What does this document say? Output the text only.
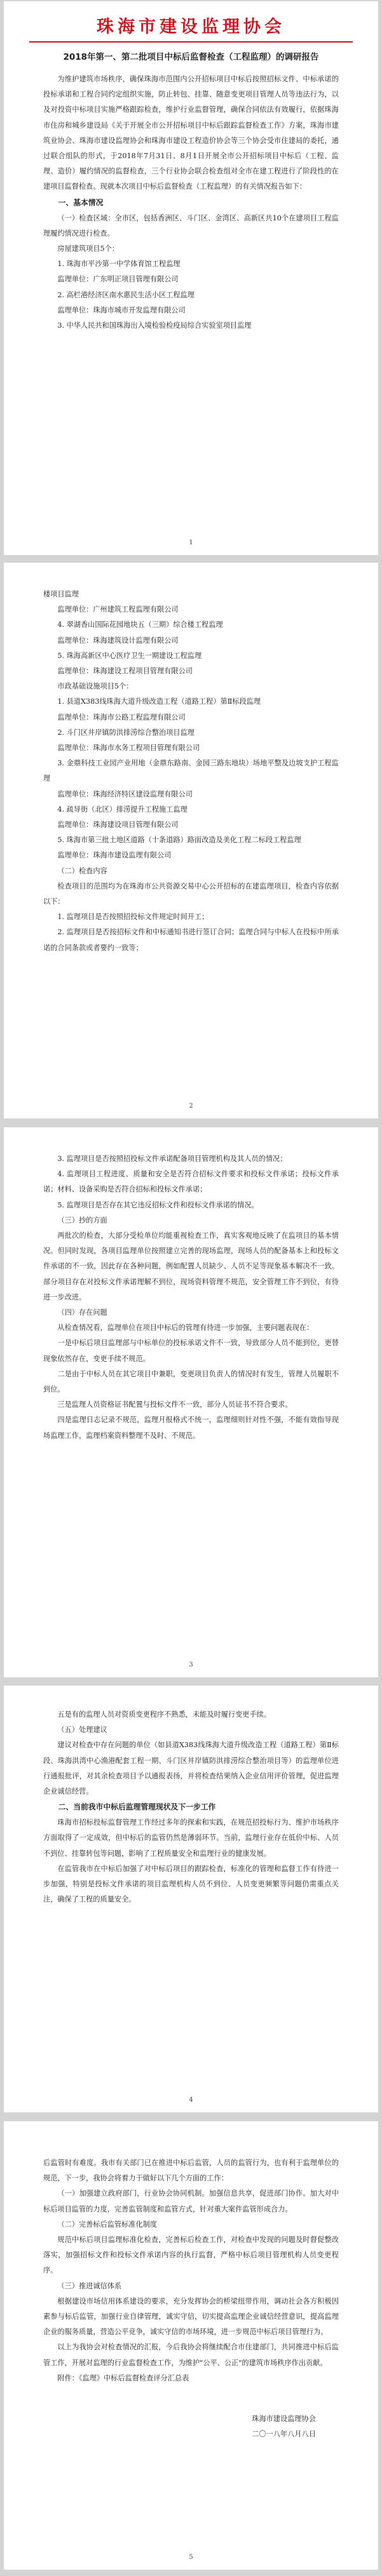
珠海市建设监理协会
2018年第一、第二批项目中标后监督检查（工程监理）的调研报告

为维护建筑市场秩序，确保珠海市范围内公开招标项目中标后按照招标文件、中标承诺的投标承诺和工程合同约定组织实施，防止转包、挂靠、随意变更项目管理人员等违法行为，以及对投资中标项目实施严格跟踪检查，维护行业监督管理，确保合同依法有效履行，依据珠海市住房和城乡建设局《关于开展全市公开招标项目中标后跟踪监督检查工作》方案，珠海市建筑业协会、珠海市建设监理协会和珠海市建设工程造价协会等三个协会受市住建局的委托，通过联合组队的形式，于2018年7月31日、8月1日开展全市公开招标项目中标后（工程、监理、造价）履约情况的监督检查，三个行业协会联合检查组对全市在建工程进行了阶段性的在建项目监督检查。现就本次项目中标后监督检查（工程监理）的有关情况报告如下：

一、基本情况

（一）检查区域：全市区，包括香洲区、斗门区、金湾区、高新区共10个在建项目工程监理履约情况进行检查。

房屋建筑项目5个：

1. 珠海市平沙第一中学体育馆工程监理

监理单位：广东明正项目管理有限公司

2. 高栏港经济区南水惠民生活小区工程监理

监理单位：珠海市城市开发监理有限公司

3. 中华人民共和国珠海出入境检验检疫局综合实验室项目监理

1

楼项目监理

监理单位：广州建筑工程监理有限公司

4. 翠湖香山国际花园地块五（三期）综合楼工程监理

监理单位：珠海建筑设计监理有限公司

5. 珠海高新区中心医疗卫生一期建设工程监理

监理单位：珠海建设工程项目管理有限公司

市政基础设施项目5个：

1. 县道X383线珠海大道升级改造工程（道路工程）第Ⅱ标段监理

监理单位：珠海市公路工程监理有限公司

2. 斗门区井岸镇防洪排涝综合整治项目监理

监理单位：珠海市水务工程项目管理有限公司

3. 金鼎科技工业园产业用地（金鼎东路南、金园三路东地块）场地平整及边坡支护工程监理

监理单位：珠海经济特区建设监理有限公司

4. 疏导街（北区）排涝提升工程施工监理

监理单位：珠海建设项目管理有限公司

5. 珠海市第三批土地区道路（十条道路）路面改造及美化工程二标段工程监理

监理单位：珠海市建设监理有限公司

（二）检查内容

检查项目的范围均为在珠海市公共资源交易中心公开招标的在建监理项目，检查内容依据以下：

1. 监理项目是否按照招投标文件规定时间开工；

2. 监理项目是否按招标文件和中标通知书进行签订合同；监理合同与中标人在投标中所承诺的合同条款或者要约一致等；

2

3. 监理项目是否按照招投标文件承诺配备项目管理机构及其人员的情况；

4. 监理项目工程进度、质量和安全是否符合招标文件要求和投标文件承诺；投标文件承诺；材料、设备采购是否符合招标和投标文件承诺；

5. 监理项目是否存在其它违反招标文件和投标文件承诺的情况。

（三）抄的方面

两批次的检查，大部分受检单位均能重视检查工作，真实客观地反映了在监项目的基本情况。但同时发现，各项目监理单位按照建立完善的现场监理，现场人员的配备基本上和投标文件承诺的不一致，因此存在各种问题，例如配置人员缺少、人员不足等现象基本解决不一致。部分项目存在对投标文件承诺理解不到位，现场资料管理不规范，安全管理工作不到位，有待进一步改进。

（四）存在问题

从检查情况看，监理单位在项目中标后的管理有待进一步加强，主要问题表现在：

一是中标后项目监理部与中标单位的投标承诺文件不一致，导致部分人员不能到位，更替现象依然存在，变更手续不规范。

二是由于中标人员在其它项目中兼职，变更项目负责人的情况时有发生，管理人员履职不到位。

三是监理人员资格证书配置与投标文件不一致，部分人员证书不符合要求。

四是监理日志记录不规范，监理月报格式不统一，监理细则针对性不强，不能有效指导现场监理工作，监理档案资料整理不及时、不规范。

3

五是有的监理人员对资质变更程序不熟悉，未能及时履行变更手续。

（五）处理建议

建议对检查中存在问题的单位（如县道X383线珠海大道升级改造工程（道路工程）第Ⅱ标段、珠海洪湾中心渔港配套工程一期、斗门区井岸镇防洪排涝综合整治项目等）的监理单位进行通报批评，对其余检查项目予以通报表扬，并将检查结果纳入企业信用评价管理，促进监理企业诚信经营。

二、当前我市中标后监理管理现状及下一步工作

珠海市招标投标监督管理工作经过多年的探索和实践，在规范招投标行为、维护市场秩序方面取得了一定成效，但中标后的监管仍然是薄弱环节。当前，监理行业存在低价中标、人员不到位、挂靠转包等问题，影响了工程质量安全和监理行业的健康发展。

在监管我市在中标后加强了对中标后项目的跟踪检查，标准化的管理和监督工作有待进一步加强，特别是投标文件承诺的项目监理机构人员不到位、人员变更频繁等问题仍需重点关注，确保了工程的质量安全。

4

后监管时有难度。我市有关部门已在推进中标后监管，人员的监管行为，也有利于监理单位的规范，下一步，我协会将着力于做好以下几个方面的工作：

（一）加强建立政府部门，行业协会协同机制。加强信息共享，促进部门协作。加大对中标后项目监管的力度，完善监管制度和监管方式，针对重大案件监管形成合力。

（二）完善标后监管标准化制度

规范中标后项目监理标准化检查，完善标后检查工作，对检查中发现的问题及时督促整改落实，加强招标文件和投标文件承诺内容的执行监督，严格中标后项目管理机构人员变更程序。

（三）推进诚信体系

根据建设市场信用体系建设的要求，充分发挥协会的桥梁纽带作用，调动社会各方积极因素参与标后监管，加强行业自律管理，诚实守信，切实提高监理企业诚信经营意识，提高监理企业的服务质量，营造公平竞争，诚实守信的市场环境，进一步规范中标后项目管理行为。

以上为我协会对检查情况的汇报，今后我协会将继续配合市住建部门，共同推进中标后监管工作，开展对监理的行业监督检查工作，为维护"公平、公正"的建筑市场秩序作出贡献。

附件：《监理》中标后监督检查评分汇总表

珠海市建设监理协会
二〇一八年八月八日
5
